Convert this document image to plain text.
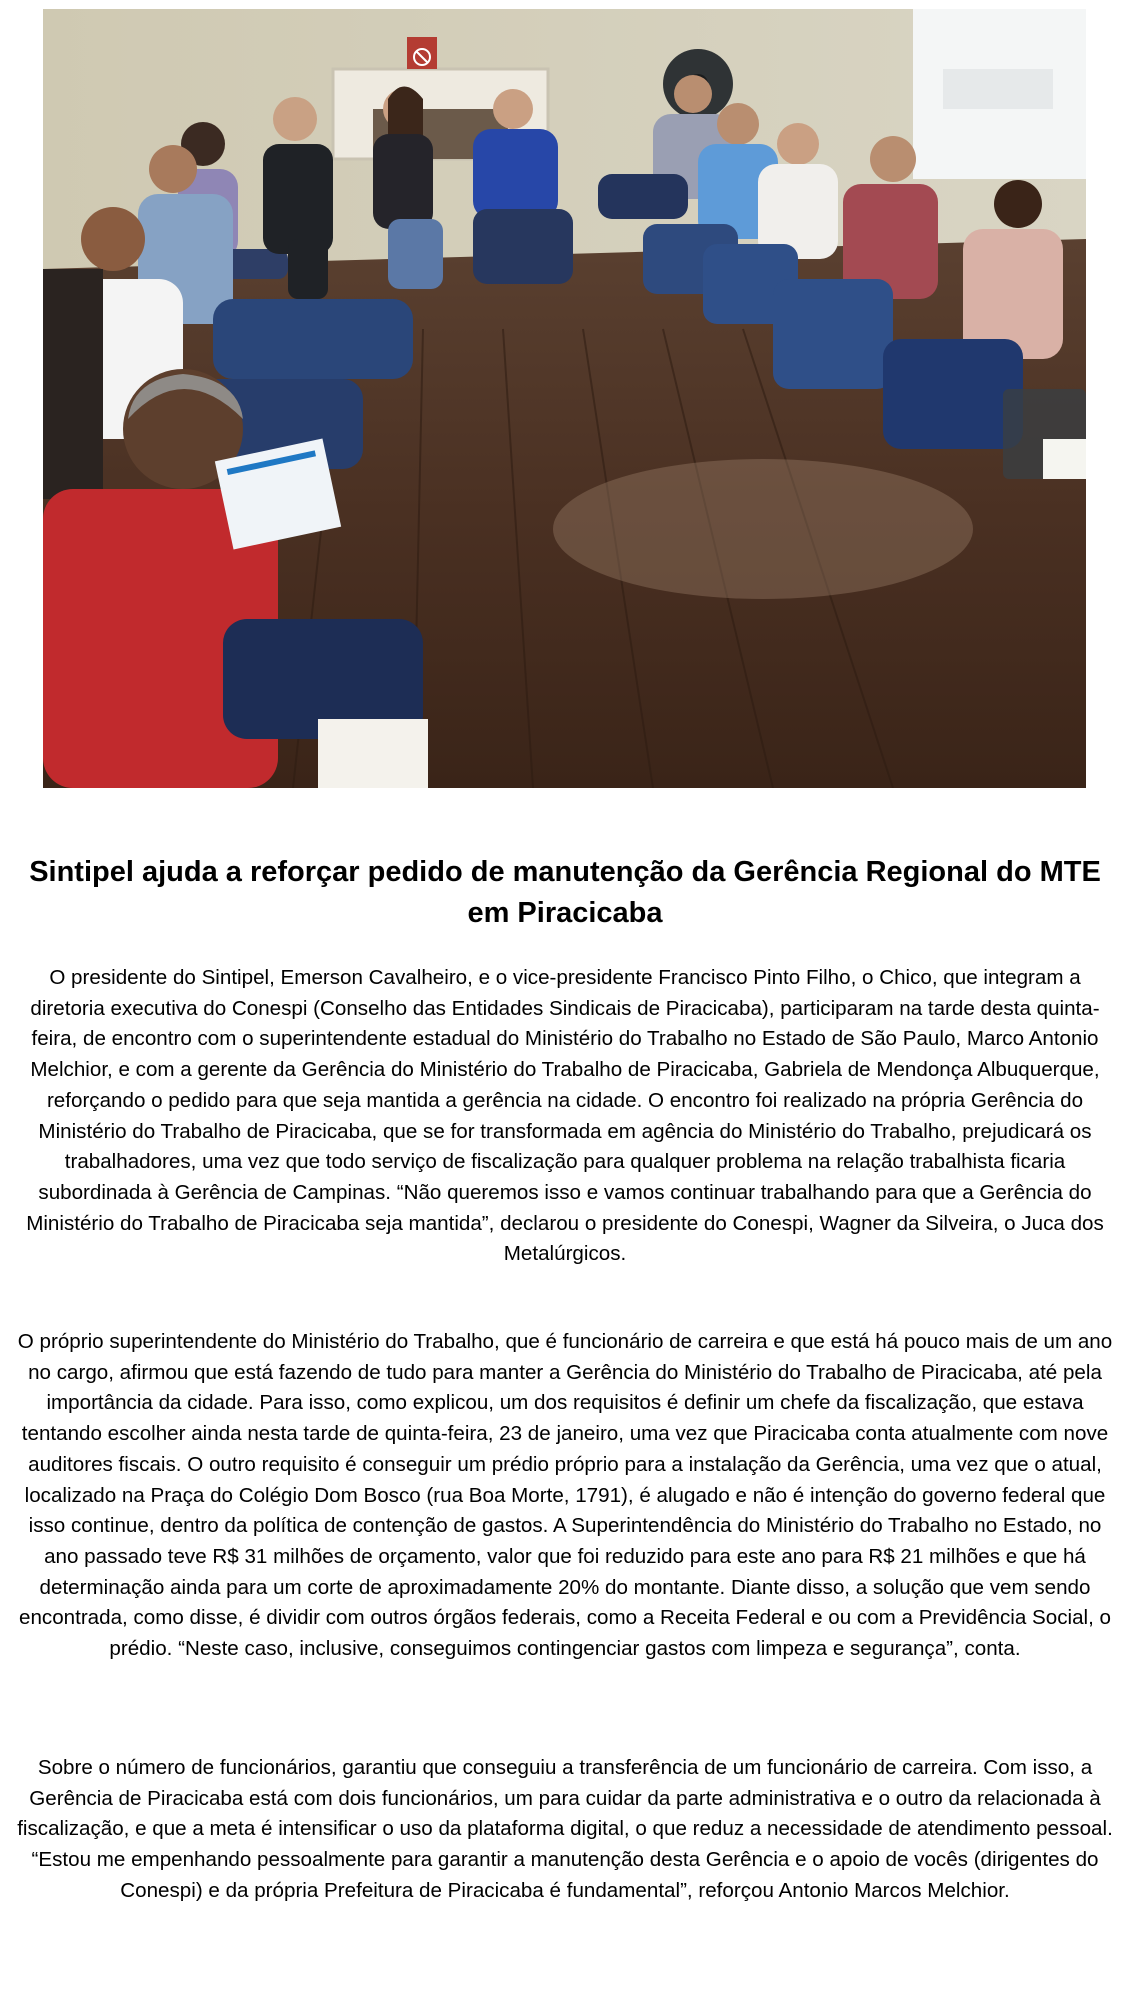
Sintipel ajuda a reforçar pedido de manutenção da Gerência Regional do MTE em Piracicaba

O presidente do Sintipel, Emerson Cavalheiro, e o vice-presidente Francisco Pinto Filho, o Chico, que integram a diretoria executiva do Conespi (Conselho das Entidades Sindicais de Piracicaba), participaram na tarde desta quinta-feira, de encontro com o superintendente estadual do Ministério do Trabalho no Estado de São Paulo, Marco Antonio Melchior, e com a gerente da Gerência do Ministério do Trabalho de Piracicaba, Gabriela de Mendonça Albuquerque, reforçando o pedido para que seja mantida a gerência na cidade. O encontro foi realizado na própria Gerência do Ministério do Trabalho de Piracicaba, que se for transformada em agência do Ministério do Trabalho, prejudicará os trabalhadores, uma vez que todo serviço de fiscalização para qualquer problema na relação trabalhista ficaria subordinada à Gerência de Campinas. “Não queremos isso e vamos continuar trabalhando para que a Gerência do Ministério do Trabalho de Piracicaba seja mantida”, declarou o presidente do Conespi, Wagner da Silveira, o Juca dos Metalúrgicos.

O próprio superintendente do Ministério do Trabalho, que é funcionário de carreira e que está há pouco mais de um ano no cargo, afirmou que está fazendo de tudo para manter a Gerência do Ministério do Trabalho de Piracicaba, até pela importância da cidade. Para isso, como explicou, um dos requisitos é definir um chefe da fiscalização, que estava tentando escolher ainda nesta tarde de quinta-feira, 23 de janeiro, uma vez que Piracicaba conta atualmente com nove auditores fiscais. O outro requisito é conseguir um prédio próprio para a instalação da Gerência, uma vez que o atual, localizado na Praça do Colégio Dom Bosco (rua Boa Morte, 1791), é alugado e não é intenção do governo federal que isso continue, dentro da política de contenção de gastos. A Superintendência do Ministério do Trabalho no Estado, no ano passado teve R$ 31 milhões de orçamento, valor que foi reduzido para este ano para R$ 21 milhões e que há determinação ainda para um corte de aproximadamente 20% do montante. Diante disso, a solução que vem sendo encontrada, como disse, é dividir com outros órgãos federais, como a Receita Federal e ou com a Previdência Social, o prédio. “Neste caso, inclusive, conseguimos contingenciar gastos com limpeza e segurança”, conta.

Sobre o número de funcionários, garantiu que conseguiu a transferência de um funcionário de carreira. Com isso, a Gerência de Piracicaba está com dois funcionários, um para cuidar da parte administrativa e o outro da relacionada à fiscalização, e que a meta é intensificar o uso da plataforma digital, o que reduz a necessidade de atendimento pessoal. “Estou me empenhando pessoalmente para garantir a manutenção desta Gerência e o apoio de vocês (dirigentes do Conespi) e da própria Prefeitura de Piracicaba é fundamental”, reforçou Antonio Marcos Melchior.
